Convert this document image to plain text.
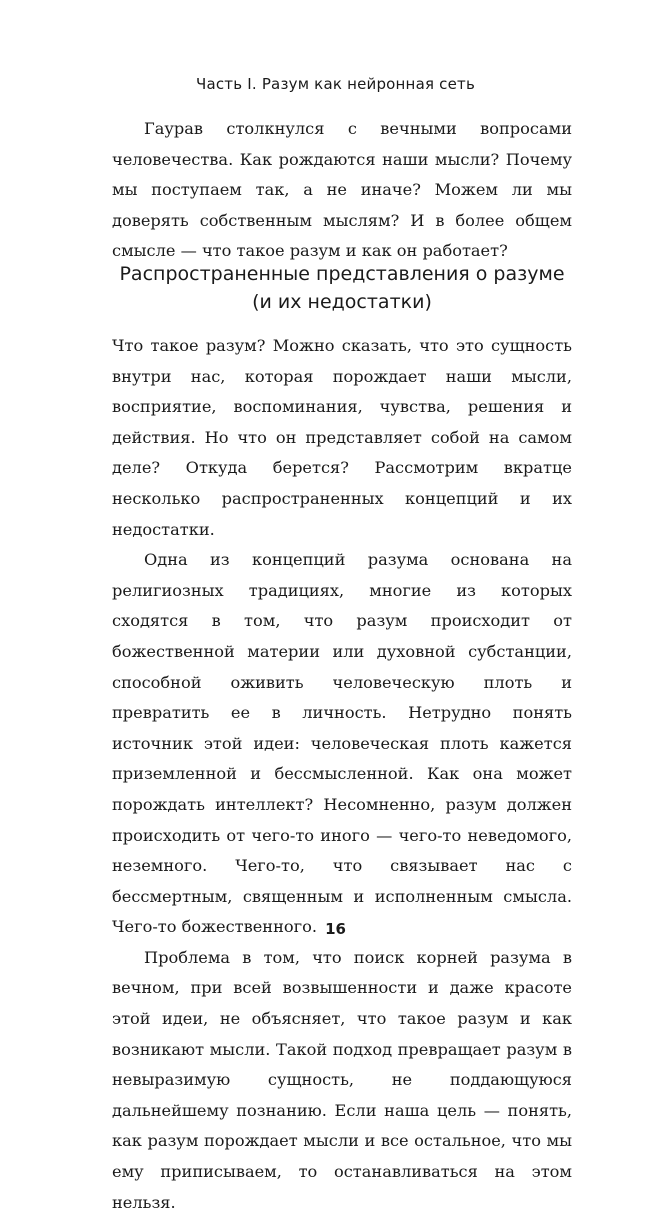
Часть I. Разум как нейронная сеть

Гаурав столкнулся с вечными вопросами человечества. Как рождаются наши мысли? Почему мы поступаем так, а не иначе? Можем ли мы доверять собственным мыслям? И в более общем смысле — что такое разум и как он работает?

Распространенные представления о разуме
(и их недостатки)

Что такое разум? Можно сказать, что это сущность внутри нас, которая порождает наши мысли, восприятие, воспоминания, чувства, решения и действия. Но что он представляет собой на самом деле? Откуда берется? Рассмотрим вкратце несколько распространенных концепций и их недостатки.

Одна из концепций разума основана на религиозных традициях, многие из которых сходятся в том, что разум происходит от божественной материи или духовной субстанции, способной оживить человеческую плоть и превратить ее в личность. Нетрудно понять источник этой идеи: человеческая плоть кажется приземленной и бессмысленной. Как она может порождать интеллект? Несомненно, разум должен происходить от чего-то иного — чего-то неведомого, неземного. Чего-то, что связывает нас с бессмертным, священным и исполненным смысла. Чего-то божественного.

Проблема в том, что поиск корней разума в вечном, при всей возвышенности и даже красоте этой идеи, не объясняет, что такое разум и как возникают мысли. Такой подход превращает разум в невыразимую сущность, не поддающуюся дальнейшему познанию. Если наша цель — понять, как разум порождает мысли и все остальное, что мы ему приписываем, то останавливаться на этом нельзя.

16
